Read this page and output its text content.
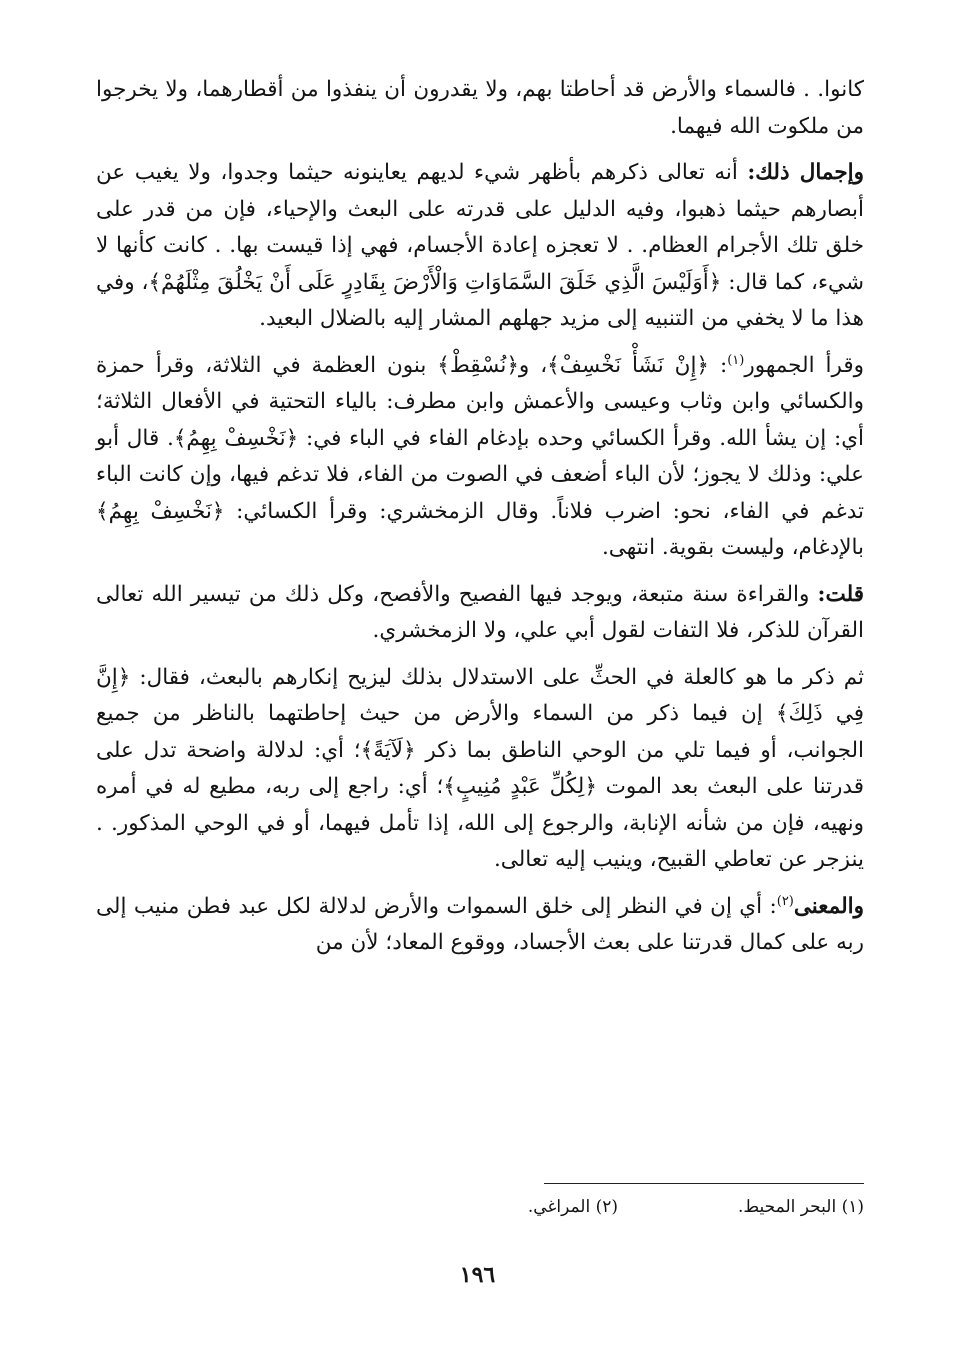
كانوا. . فالسماء والأرض قد أحاطتا بهم، ولا يقدرون أن ينفذوا من أقطارهما، ولا يخرجوا من ملكوت الله فيهما.

وإجمال ذلك: أنه تعالى ذكرهم بأظهر شيء لديهم يعاينونه حيثما وجدوا، ولا يغيب عن أبصارهم حيثما ذهبوا، وفيه الدليل على قدرته على البعث والإحياء، فإن من قدر على خلق تلك الأجرام العظام. . لا تعجزه إعادة الأجسام، فهي إذا قيست بها. . كانت كأنها لا شيء، كما قال: ﴿أَوَلَيْسَ الَّذِي خَلَقَ السَّمَاوَاتِ وَالْأَرْضَ بِقَادِرٍ عَلَى أَنْ يَخْلُقَ مِثْلَهُمْ﴾، وفي هذا ما لا يخفي من التنبيه إلى مزيد جهلهم المشار إليه بالضلال البعيد.

وقرأ الجمهور$^{(١)}$: ﴿إِنْ نَشَأْ نَخْسِفْ﴾، و﴿نُسْقِطْ﴾ بنون العظمة في الثلاثة، وقرأ حمزة والكسائي وابن وثاب وعيسى والأعمش وابن مطرف: بالياء التحتية في الأفعال الثلاثة؛ أي: إن يشأ الله. وقرأ الكسائي وحده بإدغام الفاء في الباء في: ﴿نَخْسِفْ بِهِمُ﴾. قال أبو علي: وذلك لا يجوز؛ لأن الباء أضعف في الصوت من الفاء، فلا تدغم فيها، وإن كانت الباء تدغم في الفاء، نحو: اضرب فلاناً. وقال الزمخشري: وقرأ الكسائي: ﴿نَخْسِفْ بِهِمُ﴾ بالإدغام، وليست بقوية. انتهى.

قلت: والقراءة سنة متبعة، ويوجد فيها الفصيح والأفصح، وكل ذلك من تيسير الله تعالى القرآن للذكر، فلا التفات لقول أبي علي، ولا الزمخشري.

ثم ذكر ما هو كالعلة في الحثِّ على الاستدلال بذلك ليزيح إنكارهم بالبعث، فقال: ﴿إِنَّ فِي ذَلِكَ﴾ إن فيما ذكر من السماء والأرض من حيث إحاطتهما بالناظر من جميع الجوانب، أو فيما تلي من الوحي الناطق بما ذكر ﴿لَآيَةً﴾؛ أي: لدلالة واضحة تدل على قدرتنا على البعث بعد الموت ﴿لِكُلِّ عَبْدٍ مُنِيبٍ﴾؛ أي: راجع إلى ربه، مطيع له في أمره ونهيه، فإن من شأنه الإنابة، والرجوع إلى الله، إذا تأمل فيهما، أو في الوحي المذكور. . ينزجر عن تعاطي القبيح، وينيب إليه تعالى.

والمعنى$^{(٢)}$: أي إن في النظر إلى خلق السموات والأرض لدلالة لكل عبد فطن منيب إلى ربه على كمال قدرتنا على بعث الأجساد، ووقوع المعاد؛ لأن من

(١) البحر المحيط.
(٢) المراغي.
١٩٦
